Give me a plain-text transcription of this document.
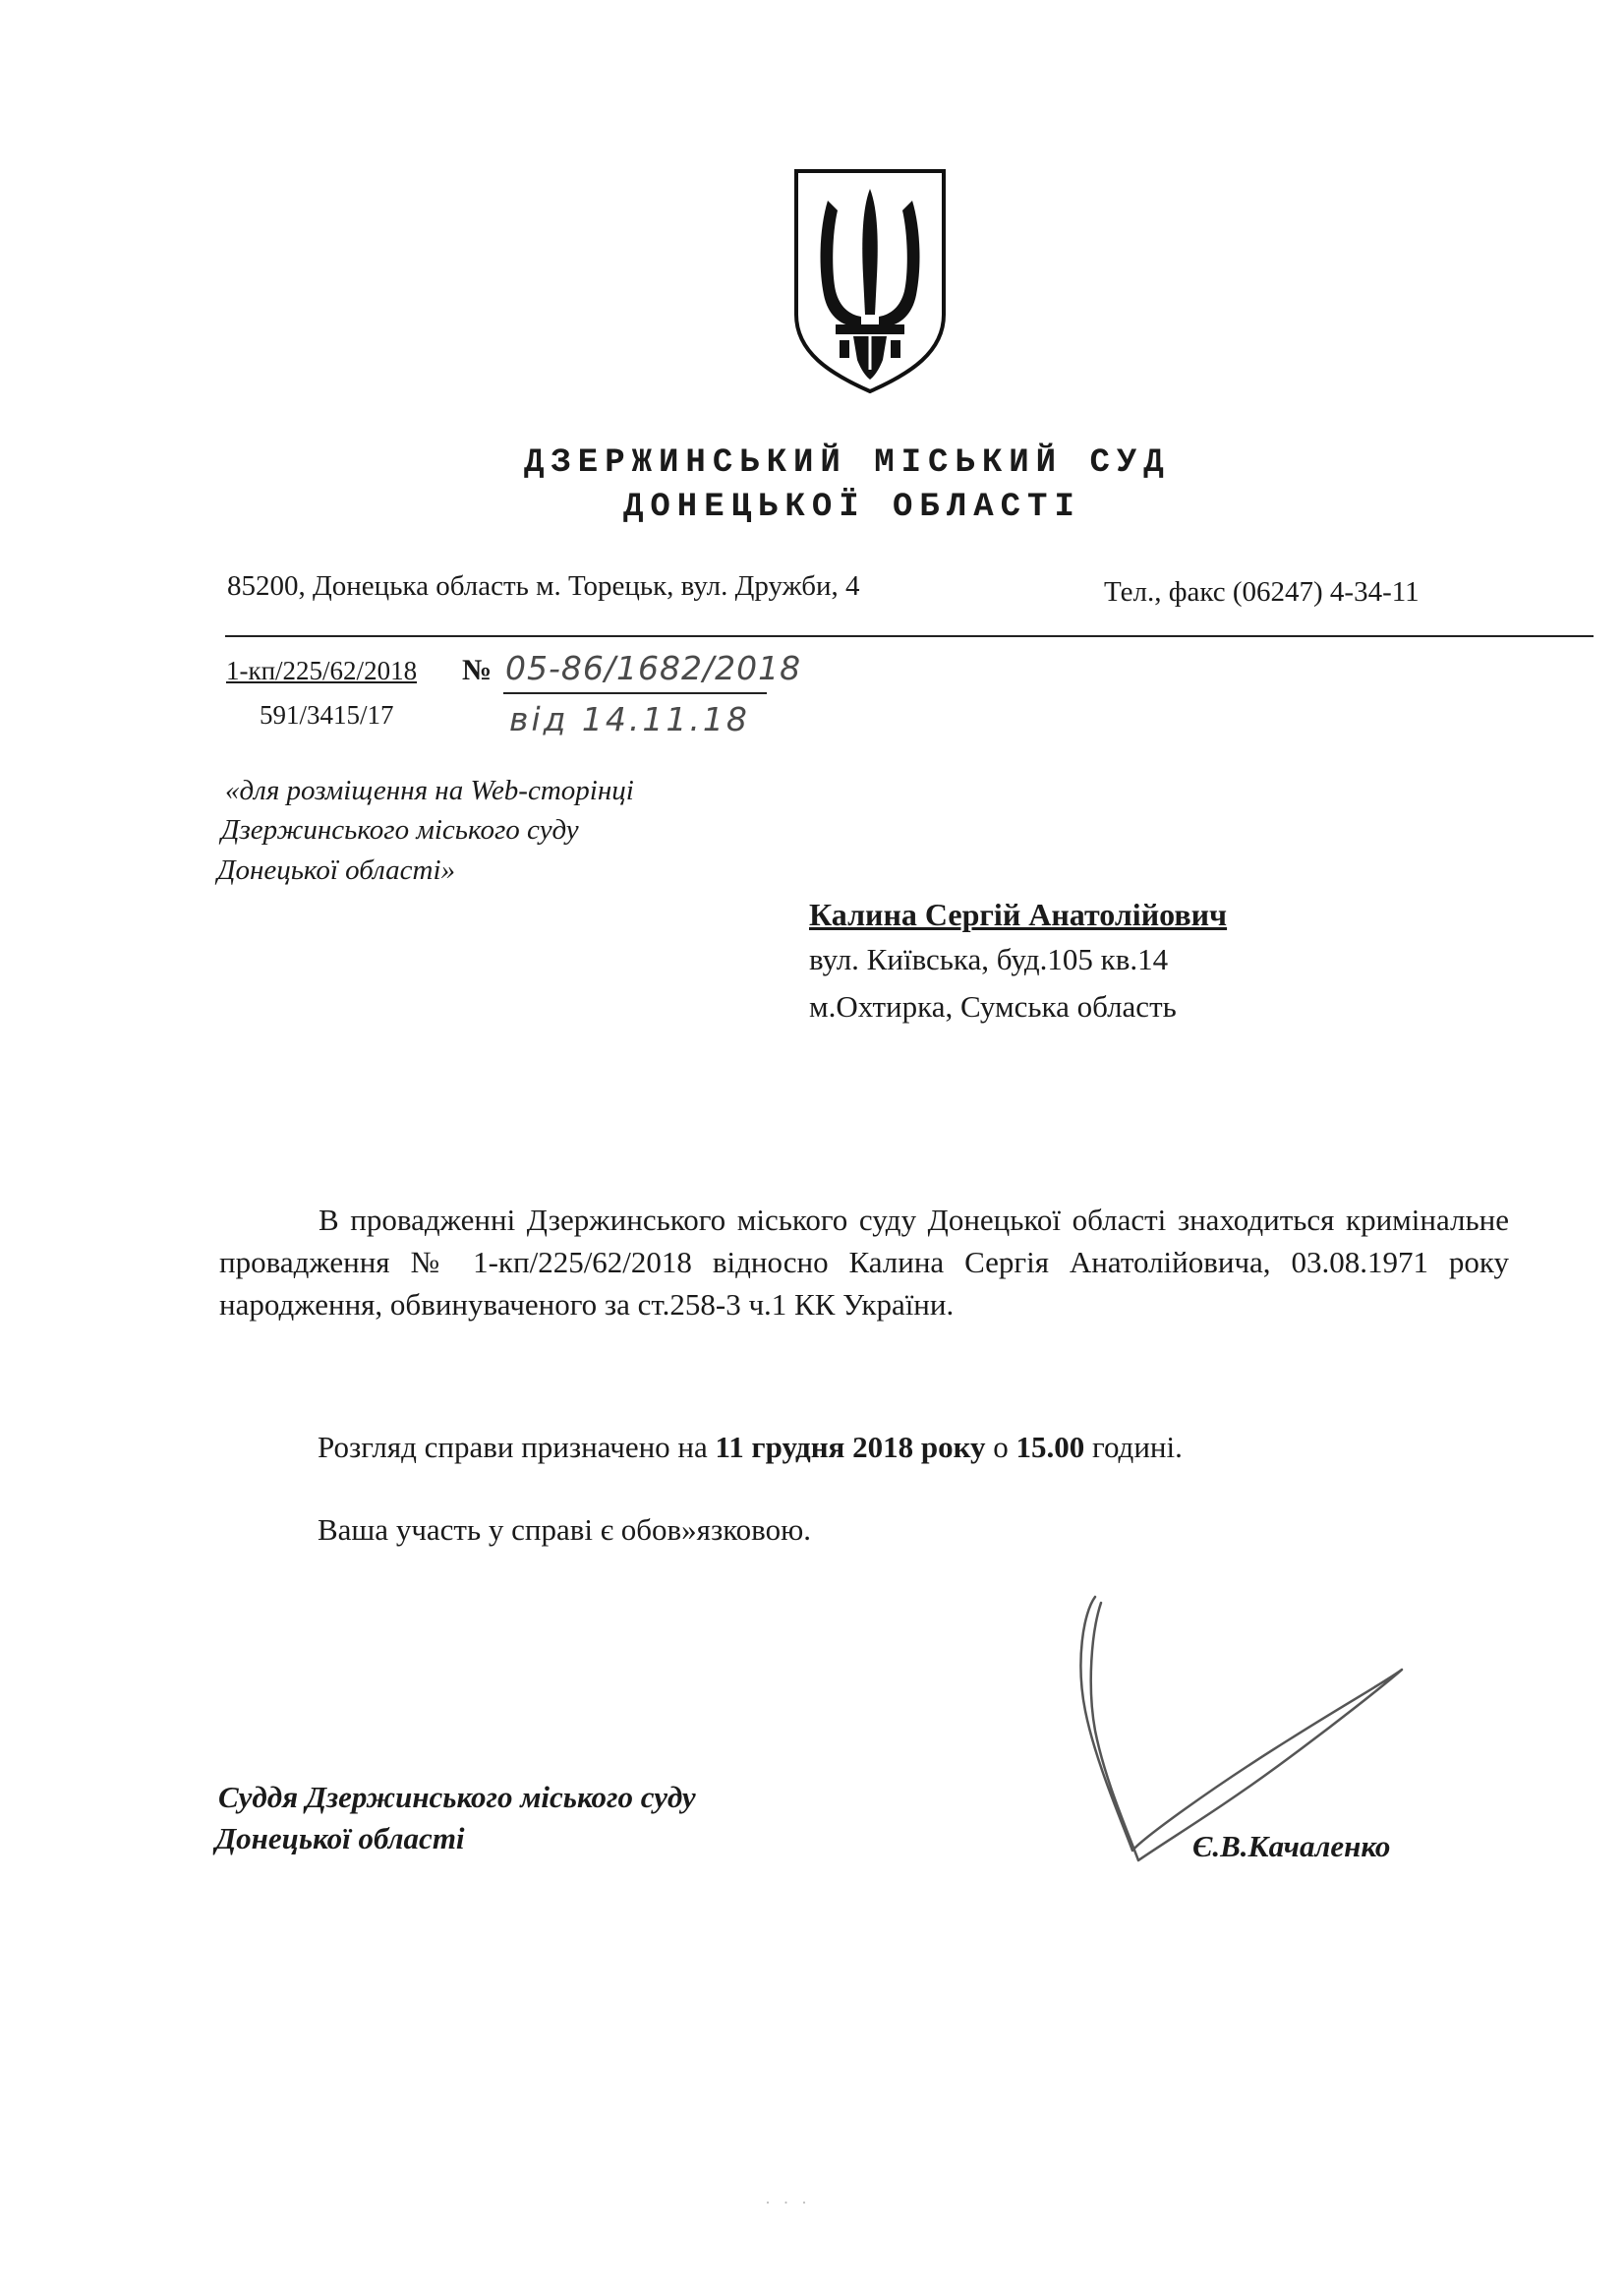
ДЗЕРЖИНСЬКИЙ МІСЬКИЙ СУД
ДОНЕЦЬКОЇ ОБЛАСТІ
85200, Донецька область м. Торецьк, вул. Дружби, 4	Тел., факс (06247) 4-34-11
1-кп/225/62/2018 № 05-86/1682/2018
591/3415/17	від 14.11.18
«для розміщення на Web-сторінці
Дзержинського міського суду
Донецької області»
Калина Сергій Анатолійович
вул. Київська, буд.105 кв.14
м.Охтирка, Сумська область

В провадженні Дзержинського міського суду Донецької області знаходиться кримінальне провадження № 1-кп/225/62/2018 відносно Калина Сергія Анатолійовича, 03.08.1971 року народження, обвинуваченого за ст.258-3 ч.1 КК України.

Розгляд справи призначено на 11 грудня 2018 року о 15.00 годині.
Ваша участь у справі є обов»язковою.
Суддя Дзержинського міського суду
Донецької області	Є.В.Качаленко
· · ·
